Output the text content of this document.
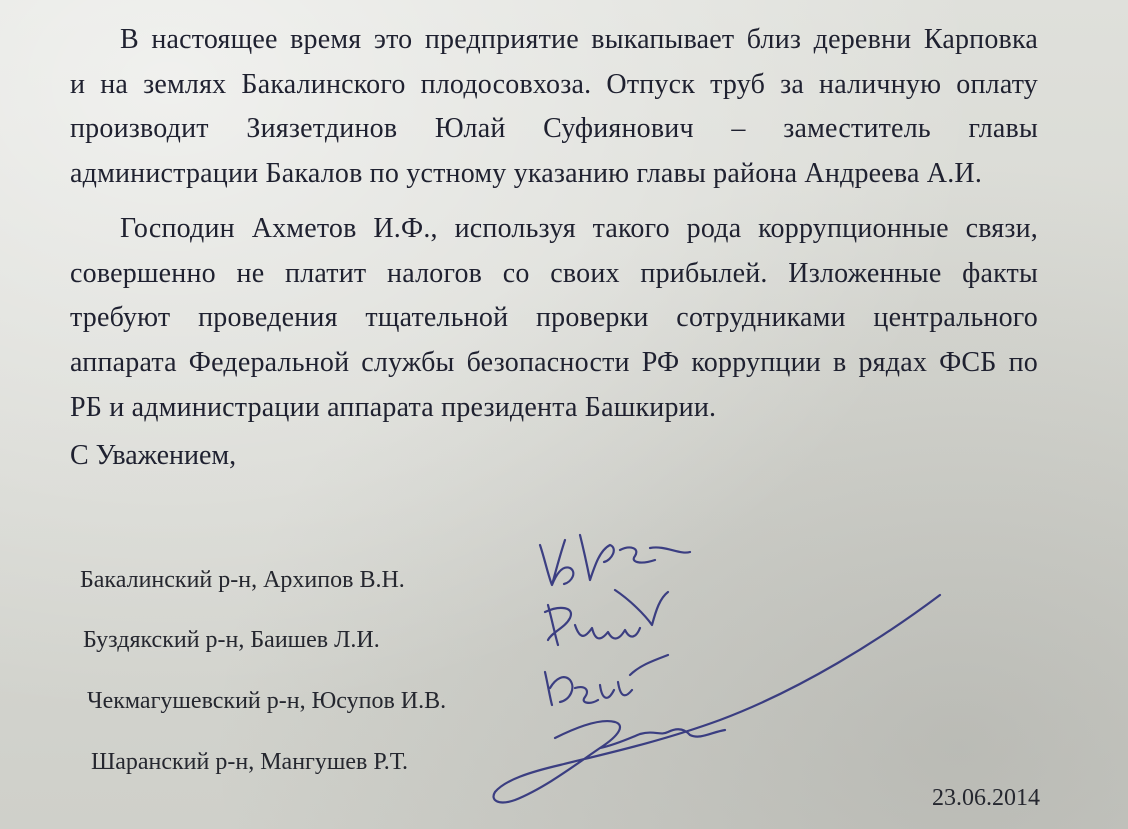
В настоящее время это предприятие выкапывает близ деревни Карповка
и на землях Бакалинского плодосовхоза. Отпуск труб за наличную оплату
производит Зиязетдинов Юлай Суфиянович – заместитель главы
администрации Бакалов по устному указанию главы района Андреева А.И.
Господин Ахметов И.Ф., используя такого рода коррупционные связи,
совершенно не платит налогов со своих прибылей. Изложенные факты
требуют проведения тщательной проверки сотрудниками центрального
аппарата Федеральной службы безопасности РФ коррупции в рядах ФСБ по
РБ и администрации аппарата президента Башкирии.
С Уважением,
Бакалинский р-н, Архипов В.Н.
Буздякский р-н, Баишев Л.И.
Чекмагушевский р-н, Юсупов И.В.
Шаранский р-н, Мангушев Р.Т.
23.06.2014
